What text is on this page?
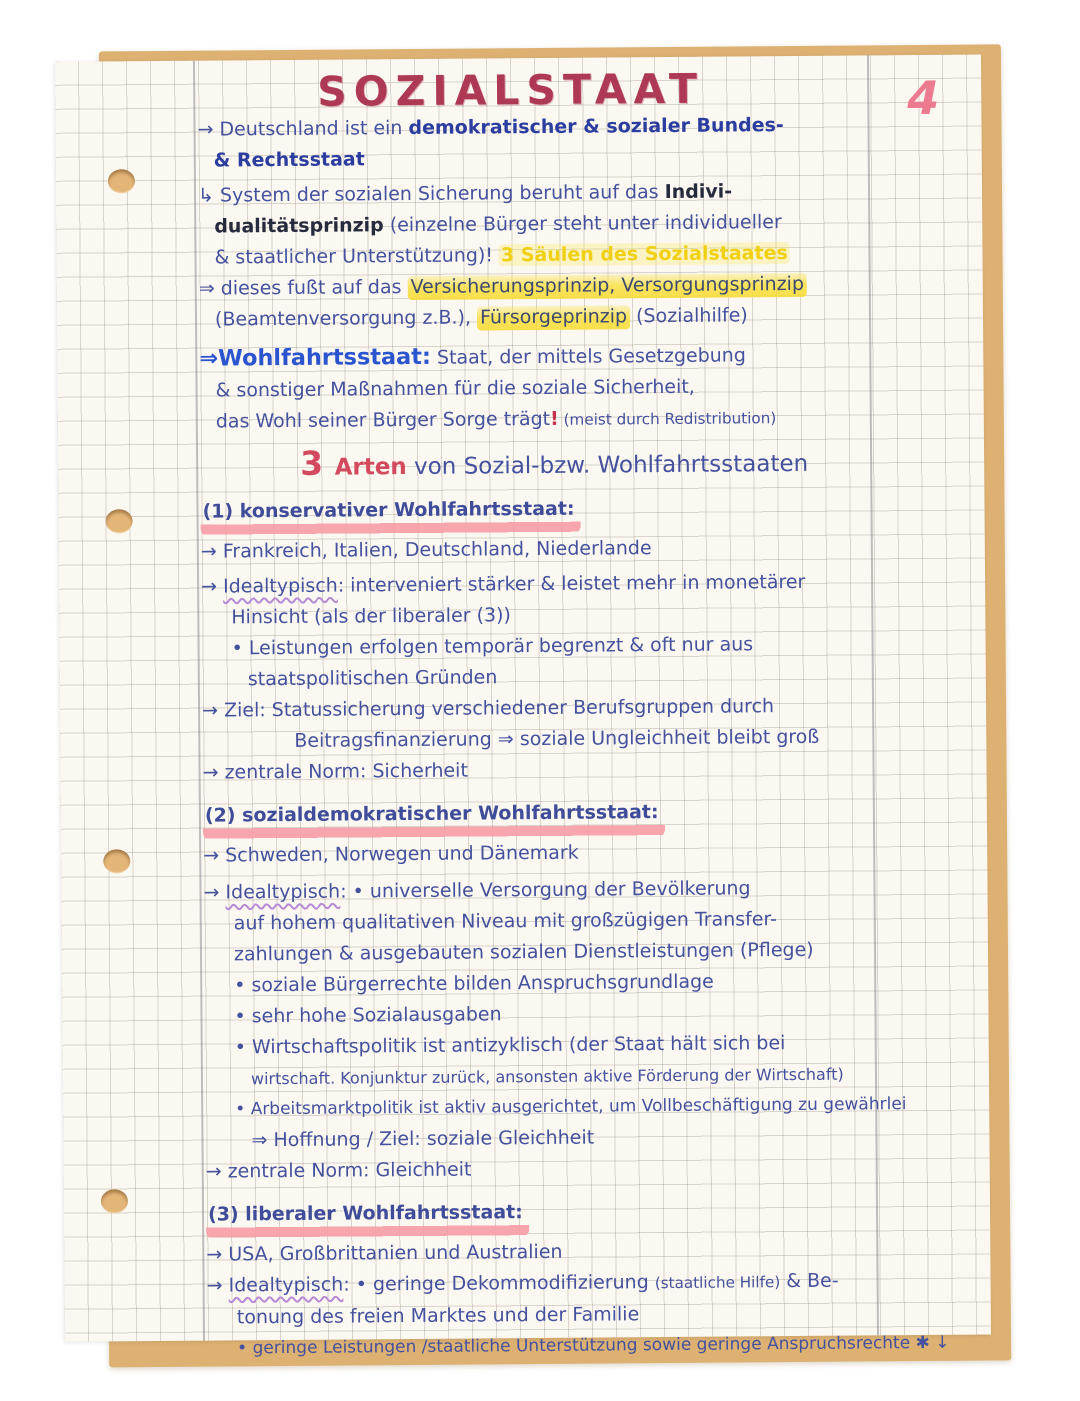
SOZIALSTAAT	4
→ Deutschland ist ein demokratischer & sozialer Bundes-
& Rechtsstaat
↳ System der sozialen Sicherung beruht auf das Indivi-
dualitätsprinzip (einzelne Bürger steht unter individueller
& staatlicher Unterstützung)! 3 Säulen des Sozialstaates
⇒ dieses fußt auf das Versicherungsprinzip, Versorgungsprinzip
(Beamtenversorgung z.B.), Fürsorgeprinzip (Sozialhilfe)
⇒Wohlfahrtsstaat: Staat, der mittels Gesetzgebung
& sonstiger Maßnahmen für die soziale Sicherheit,
das Wohl seiner Bürger Sorge trägt! (meist durch Redistribution)
3 Arten von Sozial-bzw. Wohlfahrtsstaaten
(1) konservativer Wohlfahrtsstaat:
→ Frankreich, Italien, Deutschland, Niederlande
→ Idealtypisch: interveniert stärker & leistet mehr in monetärer
Hinsicht (als der liberaler (3))
• Leistungen erfolgen temporär begrenzt & oft nur aus
staatspolitischen Gründen
→ Ziel: Statussicherung verschiedener Berufsgruppen durch
Beitragsfinanzierung ⇒ soziale Ungleichheit bleibt groß
→ zentrale Norm: Sicherheit
(2) sozialdemokratischer Wohlfahrtsstaat:
→ Schweden, Norwegen und Dänemark
→ Idealtypisch: • universelle Versorgung der Bevölkerung
auf hohem qualitativen Niveau mit großzügigen Transfer-
zahlungen & ausgebauten sozialen Dienstleistungen (Pflege)
• soziale Bürgerrechte bilden Anspruchsgrundlage
• sehr hohe Sozialausgaben
• Wirtschaftspolitik ist antizyklisch (der Staat hält sich bei
wirtschaft. Konjunktur zurück, ansonsten aktive Förderung der Wirtschaft)
• Arbeitsmarktpolitik ist aktiv ausgerichtet, um Vollbeschäftigung zu gewährlei
⇒ Hoffnung / Ziel: soziale Gleichheit
→ zentrale Norm: Gleichheit
(3) liberaler Wohlfahrtsstaat:
→ USA, Großbrittanien und Australien
→ Idealtypisch: • geringe Dekommodifizierung (staatliche Hilfe) & Be-
tonung des freien Marktes und der Familie
• geringe Leistungen /staatliche Unterstützung sowie geringe Anspruchsrechte ✱ ↓
